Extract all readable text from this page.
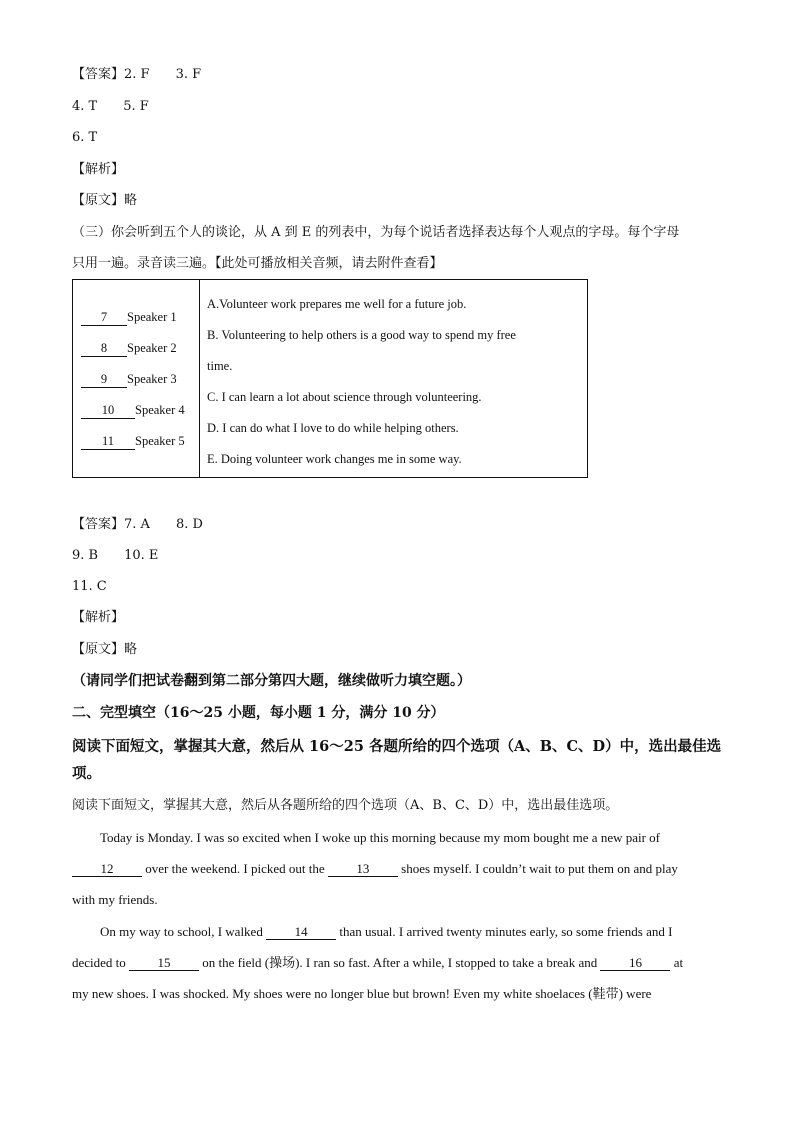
【答案】2. F 3. F
4. T 5. F
6. T
【解析】
【原文】略
（三）你会听到五个人的谈论，从 A 到 E 的列表中，为每个说话者选择表达每个人观点的字母。每个字母
只用一遍。录音读三遍。【此处可播放相关音频，请去附件查看】
7 Speaker 1
8 Speaker 2
9 Speaker 3
10 Speaker 4
11 Speaker 5

A.Volunteer work prepares me well for a future job.
B. Volunteering to help others is a good way to spend my free
time.
C. I can learn a lot about science through volunteering.
D. I can do what I love to do while helping others.
E. Doing volunteer work changes me in some way.
【答案】7. A 8. D
9. B 10. E
11. C
【解析】
【原文】略
（请同学们把试卷翻到第二部分第四大题，继续做听力填空题。）
二、完型填空（16～25 小题，每小题 1 分，满分 10 分）
阅读下面短文，掌握其大意，然后从 16～25 各题所给的四个选项（A、B、C、D）中，选出最佳选项。
阅读下面短文，掌握其大意，然后从各题所给的四个选项（A、B、C、D）中，选出最佳选项。
Today is Monday. I was so excited when I woke up this morning because my mom bought me a new pair of
12 over the weekend. I picked out the 13 shoes myself. I couldn’t wait to put them on and play
with my friends.
On my way to school, I walked 14 than usual. I arrived twenty minutes early, so some friends and I
decided to 15 on the field (操场). I ran so fast. After a while, I stopped to take a break and 16 at
my new shoes. I was shocked. My shoes were no longer blue but brown! Even my white shoelaces (鞋带) were
